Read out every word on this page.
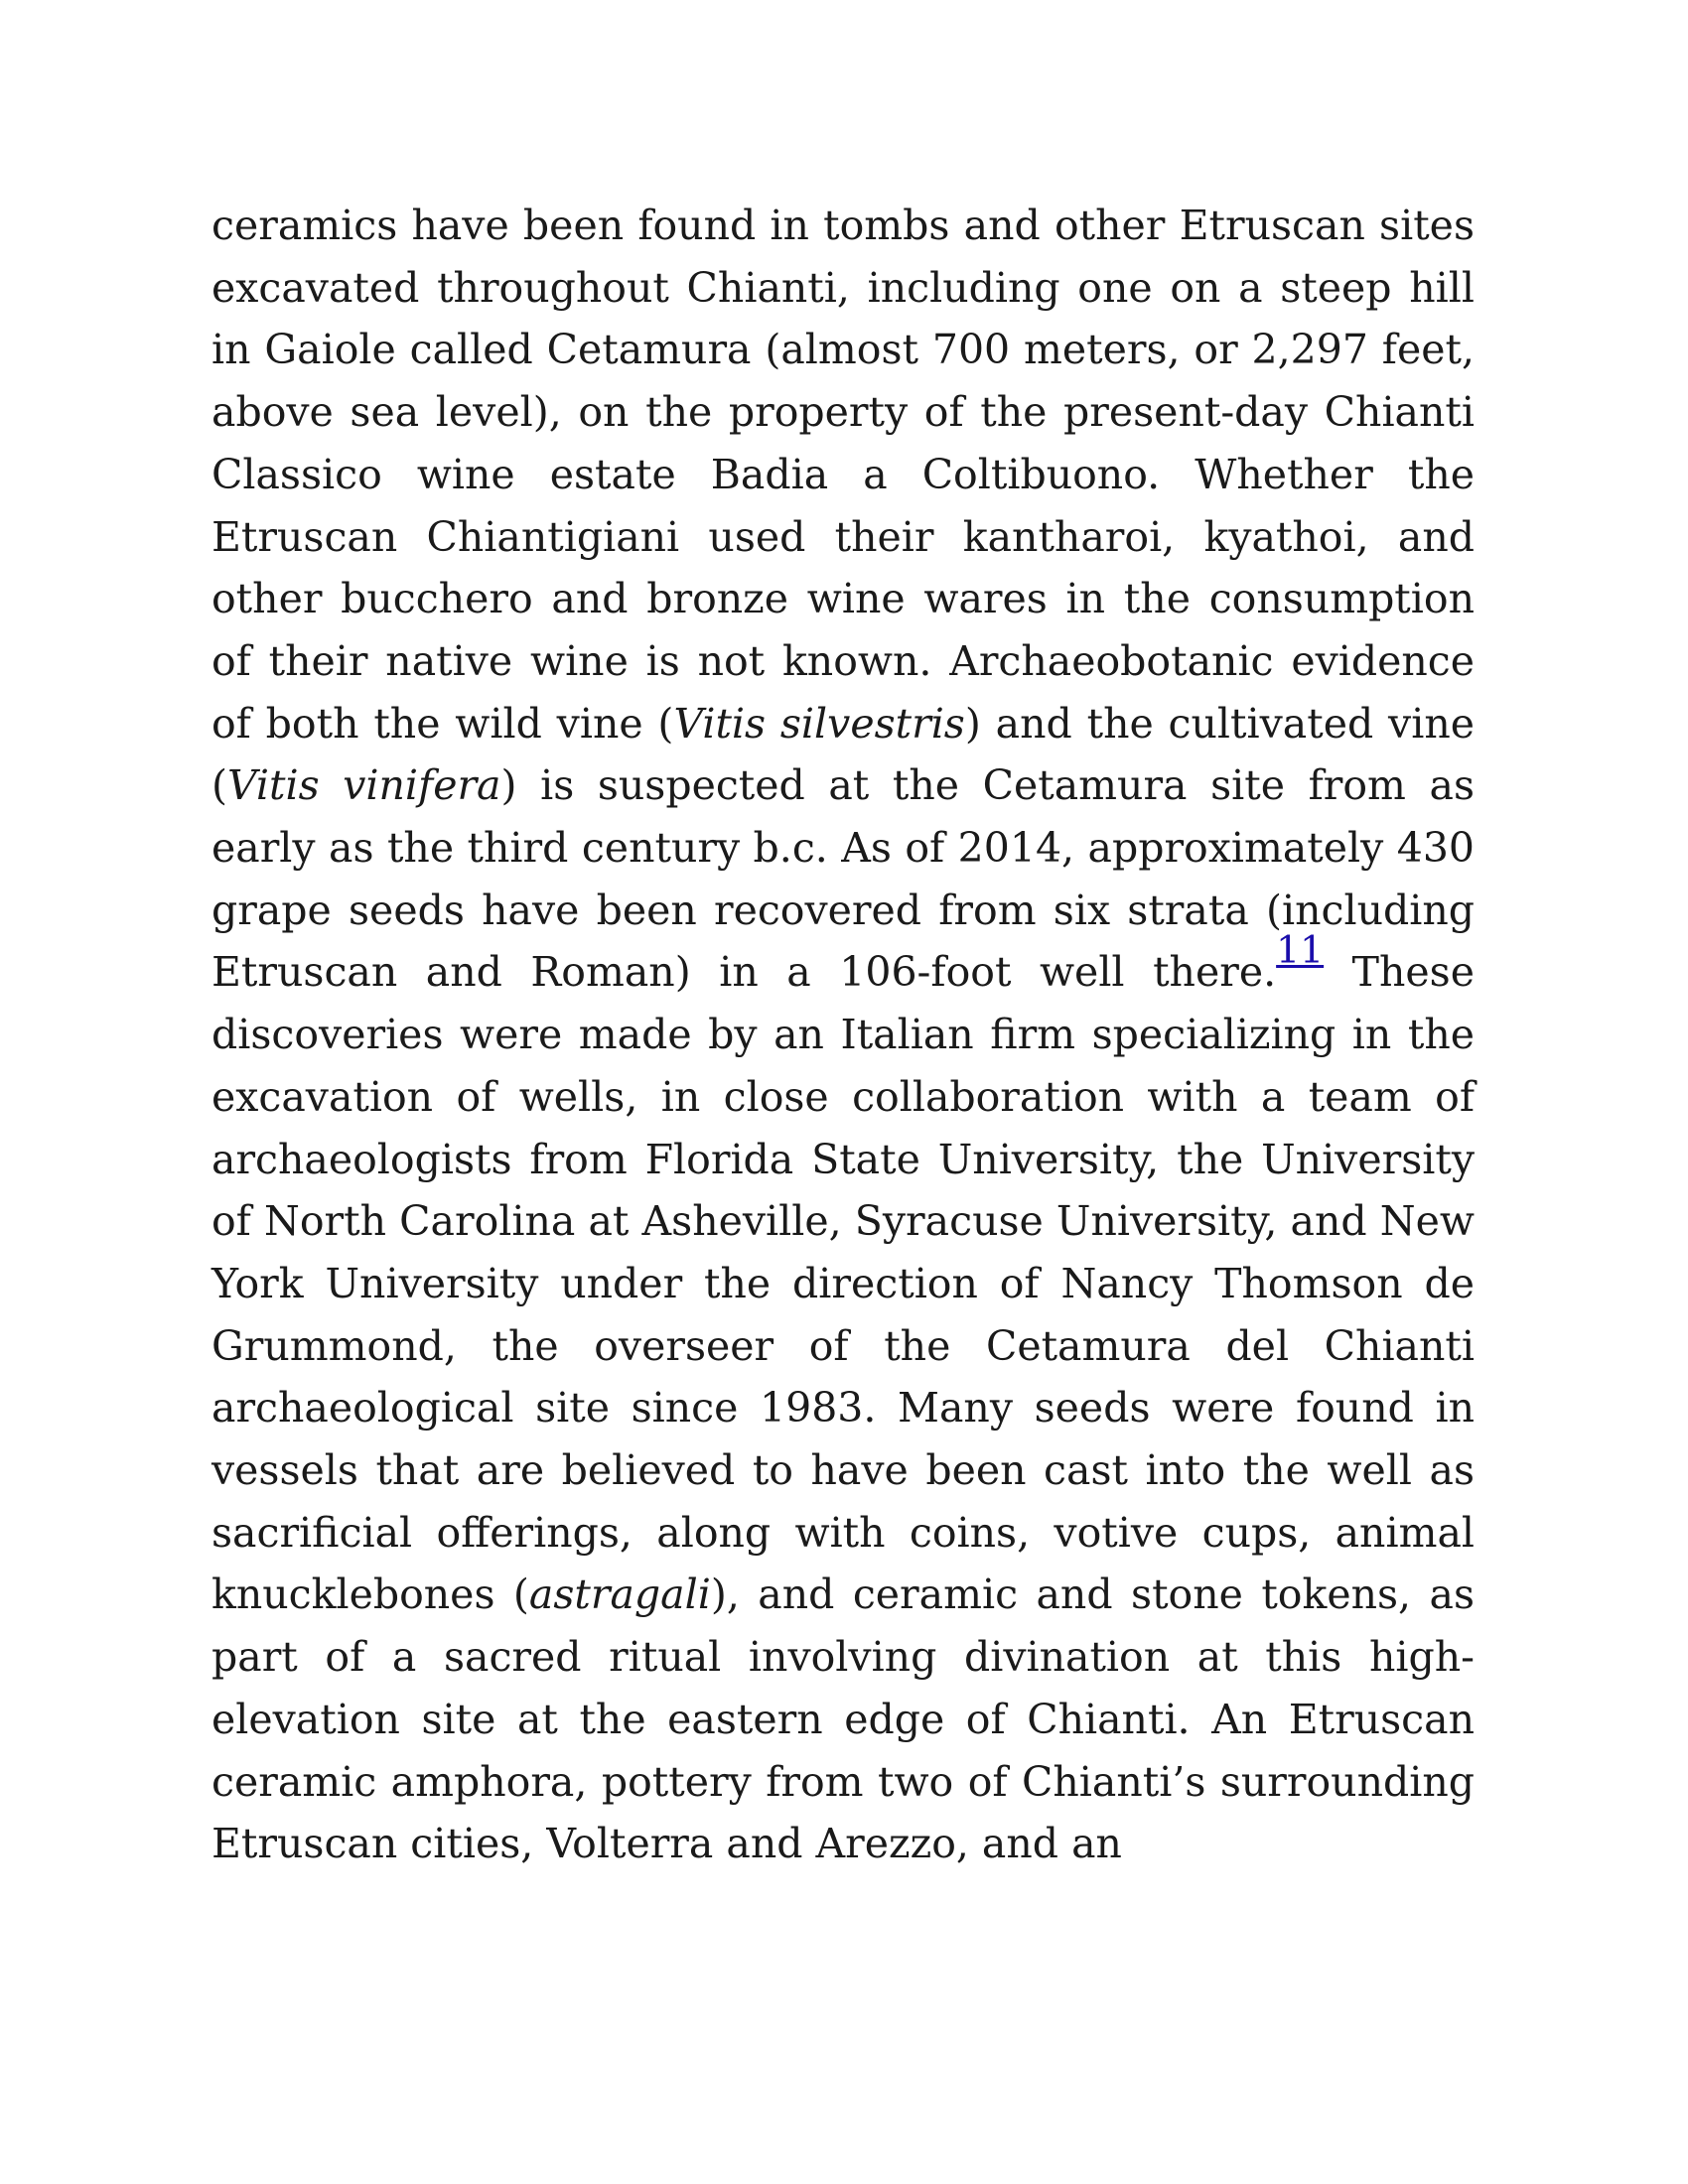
ceramics have been found in tombs and other Etruscan sites excavated throughout Chianti, including one on a steep hill in Gaiole called Cetamura (almost 700 meters, or 2,297 feet, above sea level), on the property of the present-day Chianti Classico wine estate Badia a Coltibuono. Whether the Etruscan Chiantigiani used their kantharoi, kyathoi, and other bucchero and bronze wine wares in the consumption of their native wine is not known. Archaeobotanic evidence of both the wild vine (Vitis silvestris) and the cultivated vine (Vitis vinifera) is suspected at the Cetamura site from as early as the third century b.c. As of 2014, approximately 430 grape seeds have been recovered from six strata (including Etruscan and Roman) in a 106-foot well there.11 These discoveries were made by an Italian firm specializing in the excavation of wells, in close collaboration with a team of archaeologists from Florida State University, the University of North Carolina at Asheville, Syracuse University, and New York University under the direction of Nancy Thomson de Grummond, the overseer of the Cetamura del Chianti archaeological site since 1983. Many seeds were found in vessels that are believed to have been cast into the well as sacrificial offerings, along with coins, votive cups, animal knucklebones (astragali), and ceramic and stone tokens, as part of a sacred ritual involving divination at this high-elevation site at the eastern edge of Chianti. An Etruscan ceramic amphora, pottery from two of Chianti’s surrounding Etruscan cities, Volterra and Arezzo, and an
